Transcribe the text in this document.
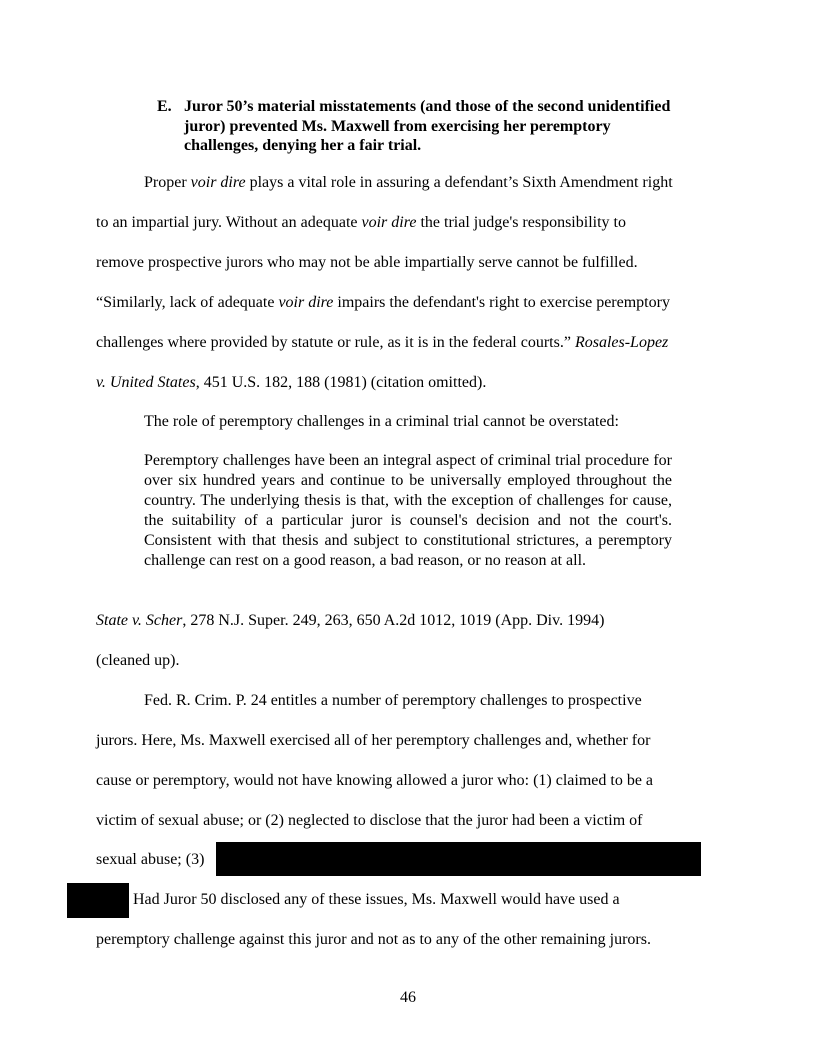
E. Juror 50’s material misstatements (and those of the second unidentified
juror) prevented Ms. Maxwell from exercising her peremptory
challenges, denying her a fair trial.
Proper voir dire plays a vital role in assuring a defendant’s Sixth Amendment right
to an impartial jury. Without an adequate voir dire the trial judge's responsibility to
remove prospective jurors who may not be able impartially serve cannot be fulfilled.
“Similarly, lack of adequate voir dire impairs the defendant's right to exercise peremptory
challenges where provided by statute or rule, as it is in the federal courts.” Rosales-Lopez
v. United States, 451 U.S. 182, 188 (1981) (citation omitted).
The role of peremptory challenges in a criminal trial cannot be overstated:
Peremptory challenges have been an integral aspect of criminal trial procedure for over six hundred years and continue to be universally employed throughout the country. The underlying thesis is that, with the exception of challenges for cause, the suitability of a particular juror is counsel's decision and not the court's. Consistent with that thesis and subject to constitutional strictures, a peremptory challenge can rest on a good reason, a bad reason, or no reason at all.
State v. Scher, 278 N.J. Super. 249, 263, 650 A.2d 1012, 1019 (App. Div. 1994)
(cleaned up).
Fed. R. Crim. P. 24 entitles a number of peremptory challenges to prospective
jurors. Here, Ms. Maxwell exercised all of her peremptory challenges and, whether for
cause or peremptory, would not have knowing allowed a juror who: (1) claimed to be a
victim of sexual abuse; or (2) neglected to disclose that the juror had been a victim of
sexual abuse; (3)
Had Juror 50 disclosed any of these issues, Ms. Maxwell would have used a
peremptory challenge against this juror and not as to any of the other remaining jurors.
46
